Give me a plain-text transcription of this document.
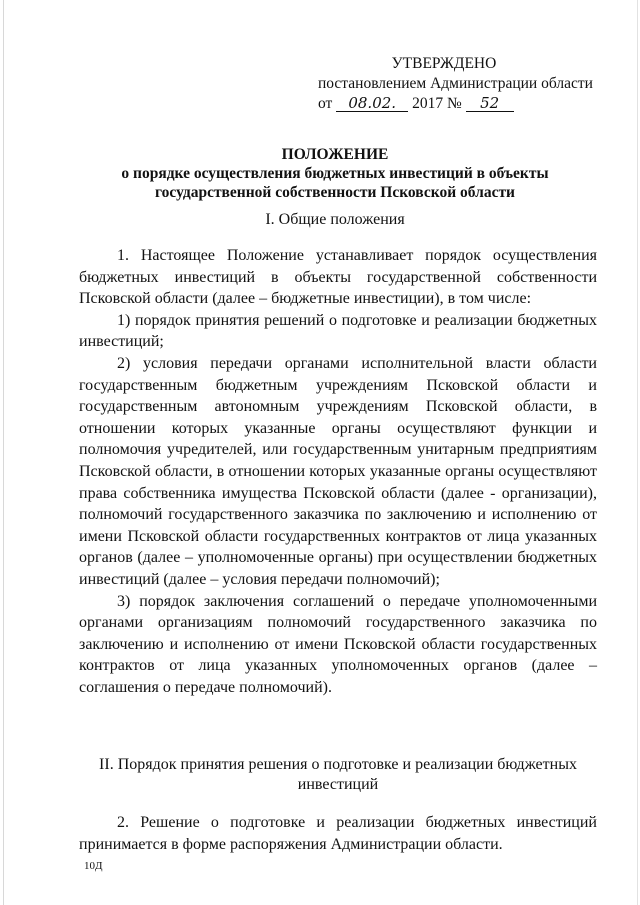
УТВЕРЖДЕНО
постановлением Администрации области
от 08.02. 2017 № 52
ПОЛОЖЕНИЕ
о порядке осуществления бюджетных инвестиций в объекты
государственной собственности Псковской области
I. Общие положения

1. Настоящее Положение устанавливает порядок осуществления бюджетных инвестиций в объекты государственной собственности Псковской области (далее – бюджетные инвестиции), в том числе:

1) порядок принятия решений о подготовке и реализации бюджетных инвестиций;

2) условия передачи органами исполнительной власти области государственным бюджетным учреждениям Псковской области и государственным автономным учреждениям Псковской области, в отношении которых указанные органы осуществляют функции и полномочия учредителей, или государственным унитарным предприятиям Псковской области, в отношении которых указанные органы осуществляют права собственника имущества Псковской области (далее - организации), полномочий государственного заказчика по заключению и исполнению от имени Псковской области государственных контрактов от лица указанных органов (далее – уполномоченные органы) при осуществлении бюджетных инвестиций (далее – условия передачи полномочий);

3) порядок заключения соглашений о передаче уполномоченными органами организациям полномочий государственного заказчика по заключению и исполнению от имени Псковской области государственных контрактов от лица указанных уполномоченных органов (далее – соглашения о передаче полномочий).

II. Порядок принятия решения о подготовке и реализации бюджетных инвестиций

2. Решение о подготовке и реализации бюджетных инвестиций принимается в форме распоряжения Администрации области.

10Д
